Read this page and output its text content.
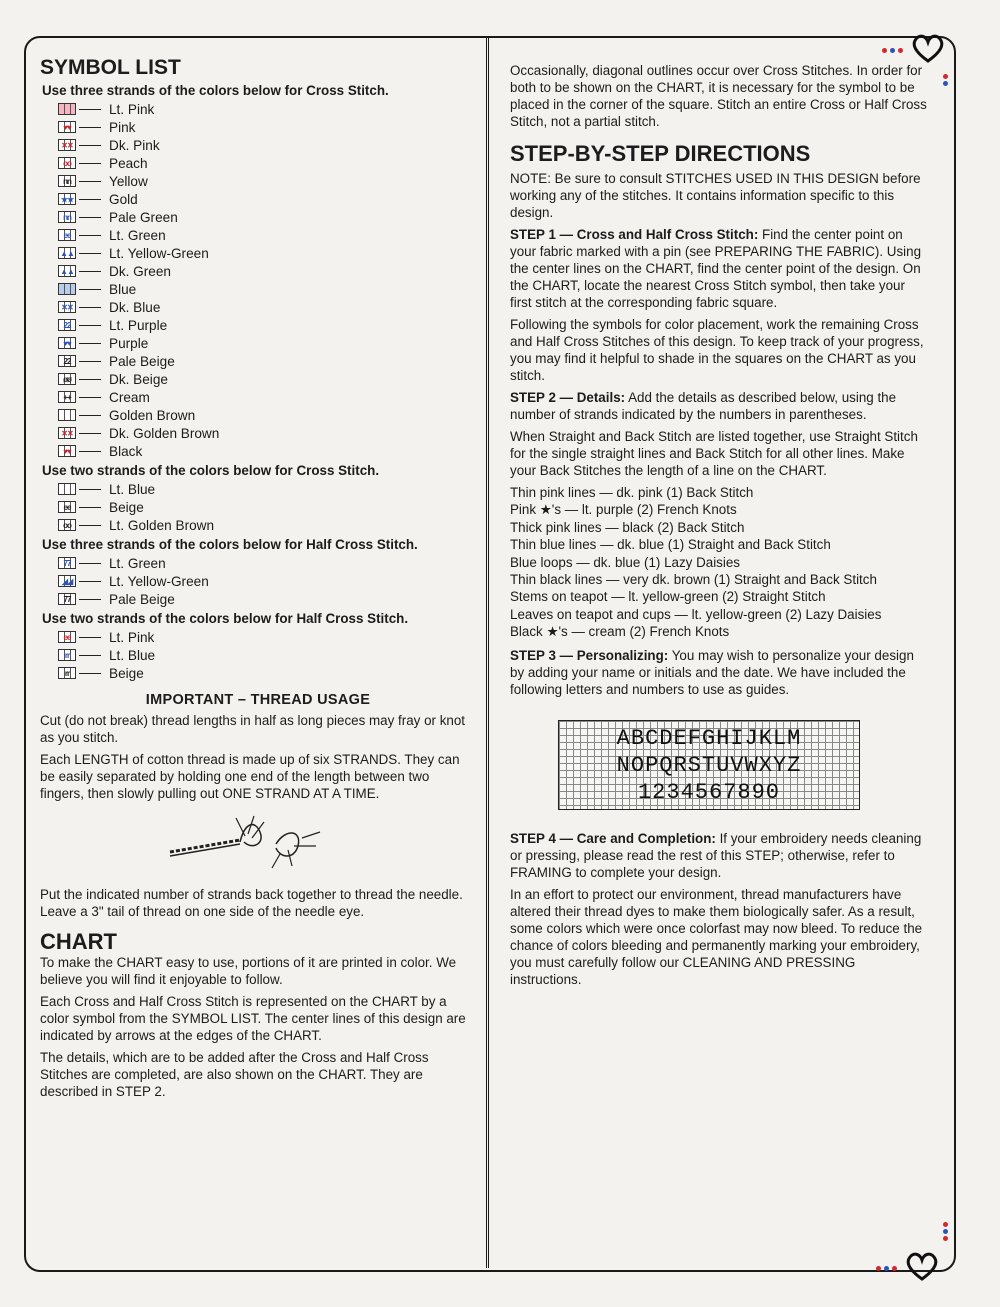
SYMBOL LIST
Use three strands of the colors below for Cross Stitch.
Lt. Pink
♥♥	Pink
✕✕	Dk. Pink
oo	Peach
nn	Yellow
★★	Gold
nn	Pale Green
ee	Lt. Green
▲▲	Lt. Yellow-Green
▲▲	Dk. Green
Blue
✕✕	Dk. Blue
22	Lt. Purple
♥♥	Purple
22	Pale Beige
øø	Dk. Beige
++	Cream
Golden Brown
✕✕	Dk. Golden Brown
♥♥	Black
Use two strands of the colors below for Cross Stitch.
Lt. Blue
ee	Beige
oo	Lt. Golden Brown
Use three strands of the colors below for Half Cross Stitch.
77	Lt. Green
◢◢	Lt. Yellow-Green
77	Pale Beige
Use two strands of the colors below for Half Cross Stitch.
ee	Lt. Pink
rr	Lt. Blue
rr	Beige
IMPORTANT – THREAD USAGE

Cut (do not break) thread lengths in half as long pieces may fray or knot as you stitch.

Each LENGTH of cotton thread is made up of six STRANDS. They can be easily separated by holding one end of the length between two fingers, then slowly pulling out ONE STRAND AT A TIME.

Put the indicated number of strands back together to thread the needle. Leave a 3" tail of thread on one side of the needle eye.

CHART

To make the CHART easy to use, portions of it are printed in color. We believe you will find it enjoyable to follow.

Each Cross and Half Cross Stitch is represented on the CHART by a color symbol from the SYMBOL LIST. The center lines of this design are indicated by arrows at the edges of the CHART.

The details, which are to be added after the Cross and Half Cross Stitches are completed, are also shown on the CHART. They are described in STEP 2.

Occasionally, diagonal outlines occur over Cross Stitches. In order for both to be shown on the CHART, it is necessary for the symbol to be placed in the corner of the square. Stitch an entire Cross or Half Cross Stitch, not a partial stitch.

STEP-BY-STEP DIRECTIONS

NOTE: Be sure to consult STITCHES USED IN THIS DESIGN before working any of the stitches. It contains information specific to this design.

STEP 1 — Cross and Half Cross Stitch: Find the center point on your fabric marked with a pin (see PREPARING THE FABRIC). Using the center lines on the CHART, find the center point of the design. On the CHART, locate the nearest Cross Stitch symbol, then take your first stitch at the corresponding fabric square.

Following the symbols for color placement, work the remaining Cross and Half Cross Stitches of this design. To keep track of your progress, you may find it helpful to shade in the squares on the CHART as you stitch.

STEP 2 — Details: Add the details as described below, using the number of strands indicated by the numbers in parentheses.

When Straight and Back Stitch are listed together, use Straight Stitch for the single straight lines and Back Stitch for all other lines. Make your Back Stitches the length of a line on the CHART.

Thin pink lines — dk. pink (1) Back Stitch
Pink ★'s — lt. purple (2) French Knots
Thick pink lines — black (2) Back Stitch
Thin blue lines — dk. blue (1) Straight and Back Stitch
Blue loops — dk. blue (1) Lazy Daisies
Thin black lines — very dk. brown (1) Straight and Back Stitch
Stems on teapot — lt. yellow-green (2) Straight Stitch
Leaves on teapot and cups — lt. yellow-green (2) Lazy Daisies
Black ★'s — cream (2) French Knots

STEP 3 — Personalizing: You may wish to personalize your design by adding your name or initials and the date. We have included the following letters and numbers to use as guides.

ABCDEFGHIJKLM
NOPQRSTUVWXYZ
1234567890

STEP 4 — Care and Completion: If your embroidery needs cleaning or pressing, please read the rest of this STEP; otherwise, refer to FRAMING to complete your design.

In an effort to protect our environment, thread manufacturers have altered their thread dyes to make them biologically safer. As a result, some colors which were once colorfast may now bleed. To reduce the chance of colors bleeding and permanently marking your embroidery, you must carefully follow our CLEANING AND PRESSING instructions.
